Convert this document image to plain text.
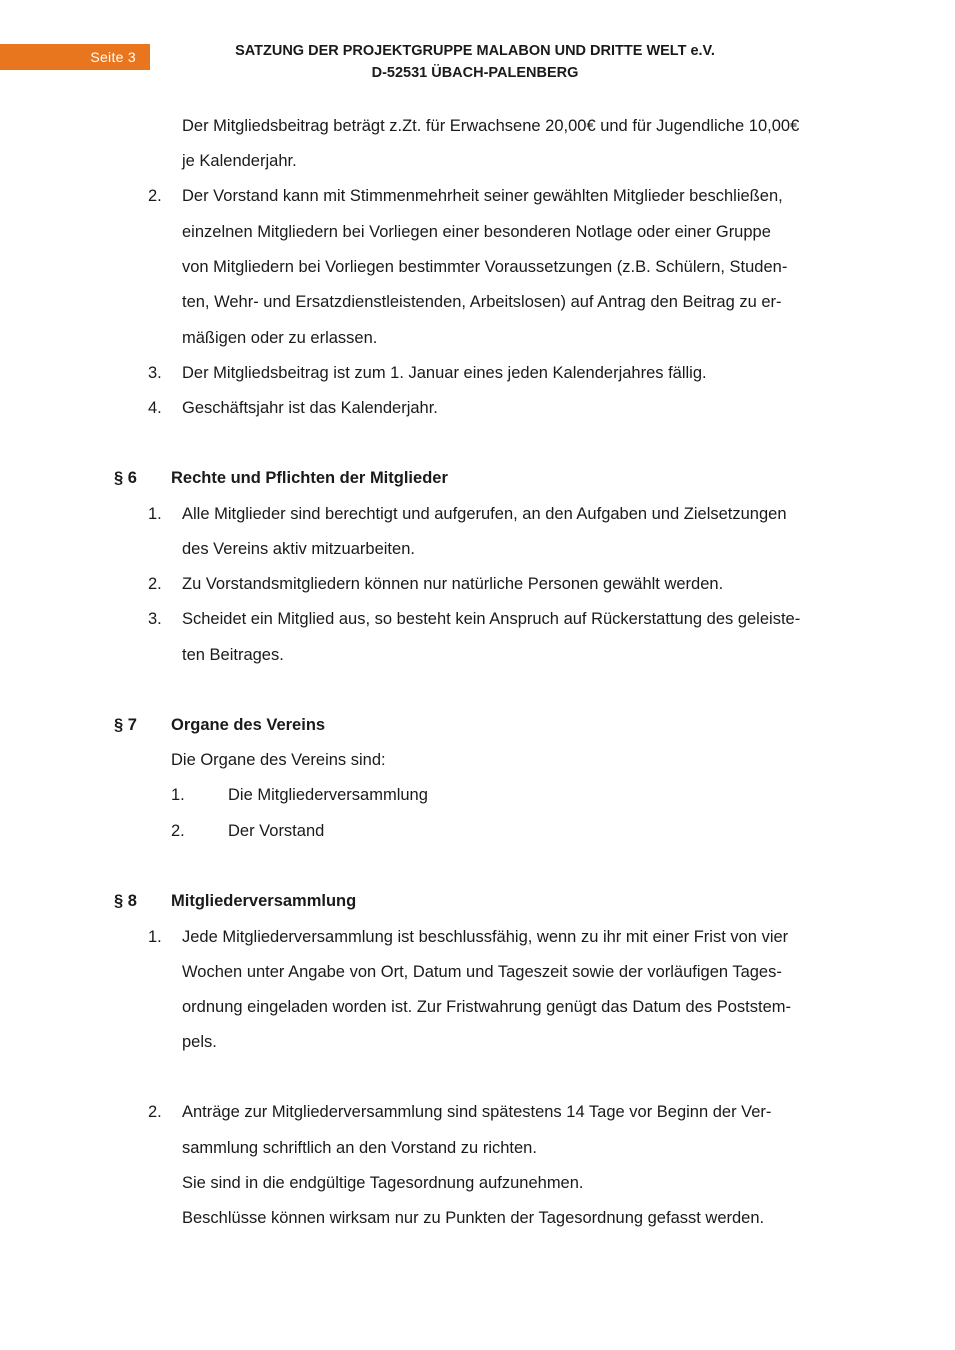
Seite 3	SATZUNG DER PROJEKTGRUPPE MALABON UND DRITTE WELT e.V.
D-52531 ÜBACH-PALENBERG
Der Mitgliedsbeitrag beträgt z.Zt. für Erwachsene 20,00€ und für Jugendliche 10,00€
je Kalenderjahr.
2. Der Vorstand kann mit Stimmenmehrheit seiner gewählten Mitglieder beschließen,
einzelnen Mitgliedern bei Vorliegen einer besonderen Notlage oder einer Gruppe
von Mitgliedern bei Vorliegen bestimmter Voraussetzungen (z.B. Schülern, Studen-
ten, Wehr- und Ersatzdienstleistenden, Arbeitslosen) auf Antrag den Beitrag zu er-
mäßigen oder zu erlassen.
3. Der Mitgliedsbeitrag ist zum 1. Januar eines jeden Kalenderjahres fällig.
4. Geschäftsjahr ist das Kalenderjahr.
§ 6 Rechte und Pflichten der Mitglieder
1. Alle Mitglieder sind berechtigt und aufgerufen, an den Aufgaben und Zielsetzungen
des Vereins aktiv mitzuarbeiten.
2. Zu Vorstandsmitgliedern können nur natürliche Personen gewählt werden.
3. Scheidet ein Mitglied aus, so besteht kein Anspruch auf Rückerstattung des geleiste-
ten Beitrages.
§ 7 Organe des Vereins
Die Organe des Vereins sind:
1.	Die Mitgliederversammlung
2.	Der Vorstand
§ 8 Mitgliederversammlung
1. Jede Mitgliederversammlung ist beschlussfähig, wenn zu ihr mit einer Frist von vier
Wochen unter Angabe von Ort, Datum und Tageszeit sowie der vorläufigen Tages-
ordnung eingeladen worden ist. Zur Fristwahrung genügt das Datum des Poststem-
pels.
2. Anträge zur Mitgliederversammlung sind spätestens 14 Tage vor Beginn der Ver-
sammlung schriftlich an den Vorstand zu richten.
Sie sind in die endgültige Tagesordnung aufzunehmen.
Beschlüsse können wirksam nur zu Punkten der Tagesordnung gefasst werden.
